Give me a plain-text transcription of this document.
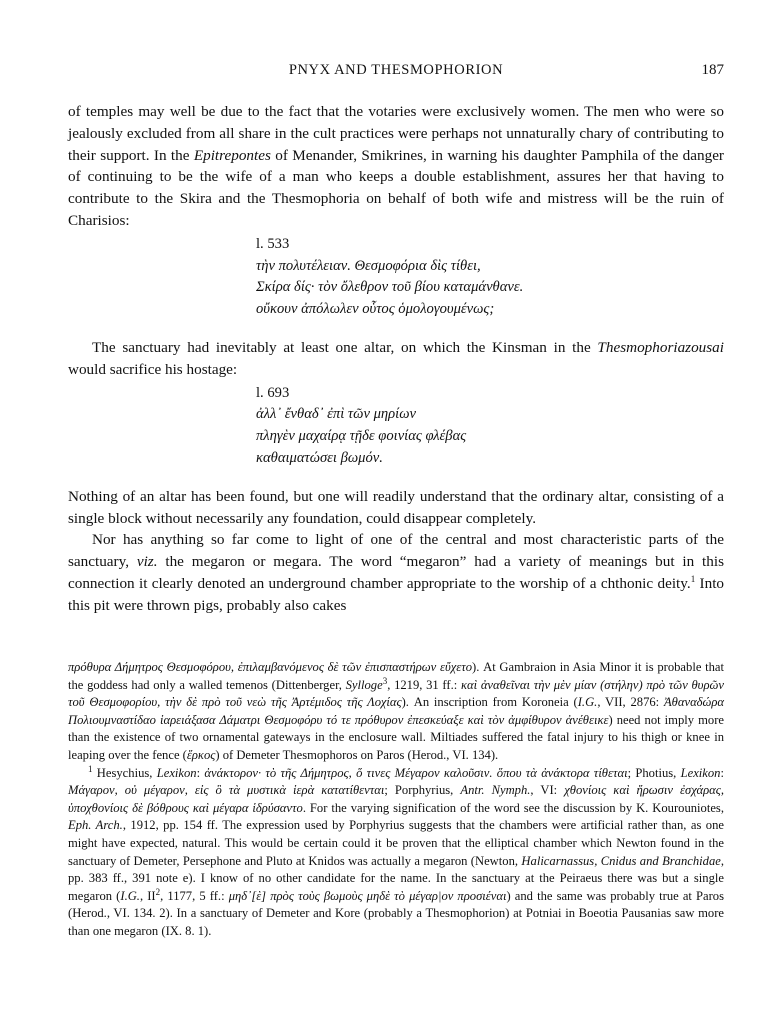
PNYX AND THESMOPHORION	187

of temples may well be due to the fact that the votaries were exclusively women. The men who were so jealously excluded from all share in the cult practices were perhaps not unnaturally chary of contributing to their support. In the Epitrepontes of Menander, Smikrines, in warning his daughter Pamphila of the danger of continuing to be the wife of a man who keeps a double establishment, assures her that having to contribute to the Skira and the Thesmophoria on behalf of both wife and mistress will be the ruin of Charisios:

l. 533
τὴν πολυτέλειαν. Θεσμοφόρια δὶς τίθει,
Σκίρα δίς· τὸν ὄλεθρον τοῦ βίου καταμάνθανε.
οὔκουν ἀπόλωλεν οὗτος ὁμολογουμένως;

The sanctuary had inevitably at least one altar, on which the Kinsman in the Thesmophoriazousai would sacrifice his hostage:

l. 693
ἀλλ᾽ ἔνθαδ᾽ ἐπὶ τῶν μηρίων
πληγὲν μαχαίρᾳ τῇδε φοινίας φλέβας
καθαιματώσει βωμόν.

Nothing of an altar has been found, but one will readily understand that the ordinary altar, consisting of a single block without necessarily any foundation, could disappear completely.

Nor has anything so far come to light of one of the central and most characteristic parts of the sanctuary, viz. the megaron or megara. The word “megaron” had a variety of meanings but in this connection it clearly denoted an underground chamber appropriate to the worship of a chthonic deity.$^1$ Into this pit were thrown pigs, probably also cakes

πρόθυρα Δήμητρος Θεσμοφόρου, ἐπιλαμβανόμενος δὲ τῶν ἐπισπαστήρων εὔχετο). At Gambraion in Asia Minor it is probable that the goddess had only a walled temenos (Dittenberger, Sylloge$^3$, 1219, 31 ff.: καὶ ἀναθεῖναι τὴν μὲν μίαν (στήλην) πρὸ τῶν θυρῶν τοῦ Θεσμοφορίου, τὴν δὲ πρὸ τοῦ νεὼ τῆς Ἀρτέμιδος τῆς Λοχίας). An inscription from Koroneia (I.G., VII, 2876: Ἀθαναδώρα Πολιουμναστίδαο ἱαρειάξασα Δάματρι Θεσμοφόρυ τό τε πρόθυρον ἐπεσκεύαξε καὶ τὸν ἀμφίθυρον ἀνέθεικε) need not imply more than the existence of two ornamental gateways in the enclosure wall. Miltiades suffered the fatal injury to his thigh or knee in leaping over the fence (ἕρκος) of Demeter Thesmophoros on Paros (Herod., VI. 134).

$^1$ Hesychius, Lexikon: ἀνάκτορον· τὸ τῆς Δήμητρος, ὅ τινες Μέγαρον καλοῦσιν. ὅπου τὰ ἀνάκτορα τίθεται; Photius, Lexikon: Μάγαρον, οὐ μέγαρον, εἰς ὃ τὰ μυστικὰ ἱερὰ κατατίθενται; Porphyrius, Antr. Nymph., VI: χθονίοις καὶ ἥρωσιν ἐσχάρας, ὑποχθονίοις δὲ βόθρους καὶ μέγαρα ἱδρύσαντο. For the varying signification of the word see the discussion by K. Kourouniotes, Eph. Arch., 1912, pp. 154 ff. The expression used by Porphyrius suggests that the chambers were artificial rather than, as one might have expected, natural. This would be certain could it be proven that the elliptical chamber which Newton found in the sanctuary of Demeter, Persephone and Pluto at Knidos was actually a megaron (Newton, Halicarnassus, Cnidus and Branchidae, pp. 383 ff., 391 note e). I know of no other candidate for the name. In the sanctuary at the Peiraeus there was but a single megaron (I.G., $II^2$, 1177, 5 ff.: μηδ᾽[ὲ] πρὸς τοὺς βωμοὺς μηδὲ τὸ μέγαρ|ον προσιέναι) and the same was probably true at Paros (Herod., VI. 134. 2). In a sanctuary of Demeter and Kore (probably a Thesmophorion) at Potniai in Boeotia Pausanias saw more than one megaron (IX. 8. 1).
